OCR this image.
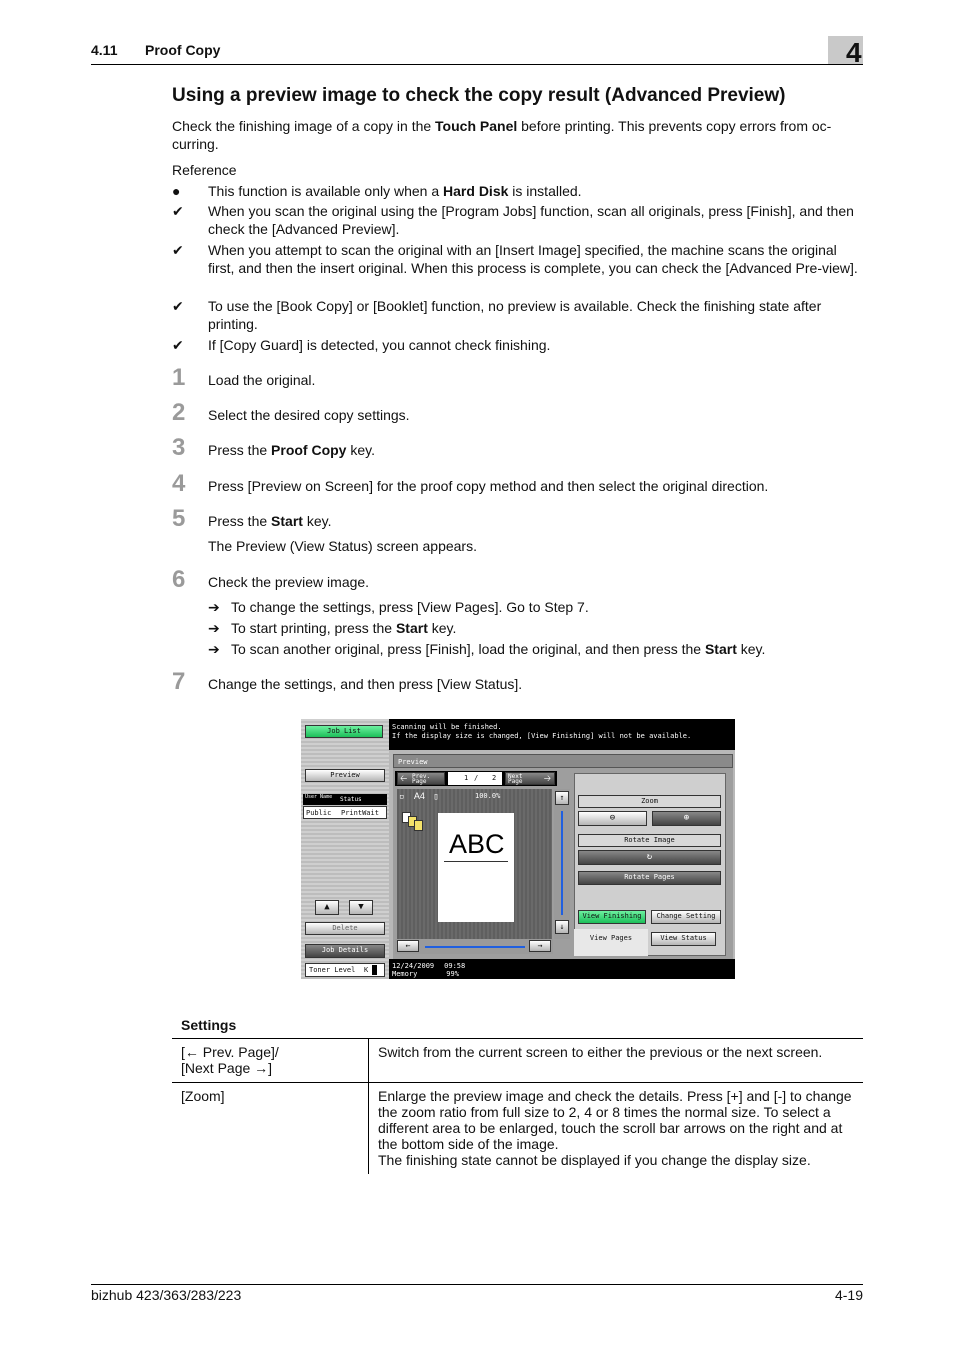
4.11 Proof Copy	4
Using a preview image to check the copy result (Advanced Preview)
Check the finishing image of a copy in the Touch Panel before printing. This prevents copy errors from oc-curring.
Reference
●	This function is available only when a Hard Disk is installed.
✔	When you scan the original using the [Program Jobs] function, scan all originals, press [Finish], and then check the [Advanced Preview].
✔	When you attempt to scan the original with an [Insert Image] specified, the machine scans the original first, and then the insert original. When this process is complete, you can check the [Advanced Pre-view].
✔	To use the [Book Copy] or [Booklet] function, no preview is available. Check the finishing state after printing.
✔	If [Copy Guard] is detected, you cannot check finishing.
1 Load the original.
2 Select the desired copy settings.
3 Press the Proof Copy key.
4 Press [Preview on Screen] for the proof copy method and then select the original direction.
5 Press the Start key.
The Preview (View Status) screen appears.
6 Check the preview image.
➔ To change the settings, press [View Pages]. Go to Step 7.
➔ To start printing, press the Start key.
➔ To scan another original, press [Finish], load the original, and then press the Start key.
7 Change the settings, and then press [View Status].
Job List
Preview
User Name	Status
Public PrintWait
▲	▼
Delete
Job Details
Toner Level K
Scanning will be finished.
If the display size is changed, [View Finishing] will not be available.
Preview
🡠 Prev. Page	1 / 2 Next Page	🡢
▫ A4 ▯	100.0%
ABC
↑
↓
←	→
Zoom
⊖	⊕
Rotate Image
↻
Rotate Pages
View Finishing	Change Setting
View Pages	View Status
12/24/2009 09:58
Memory	99%
Settings
[← Prev. Page]/
[Next Page →]	Switch from the current screen to either the previous or the next screen.
[Zoom]	Enlarge the preview image and check the details. Press [+] and [-] to change the zoom ratio from full size to 2, 4 or 8 times the normal size. To select a different area to be enlarged, touch the scroll bar arrows on the right and at the bottom side of the image.
The finishing state cannot be displayed if you change the display size.
bizhub 423/363/283/223	4-19
